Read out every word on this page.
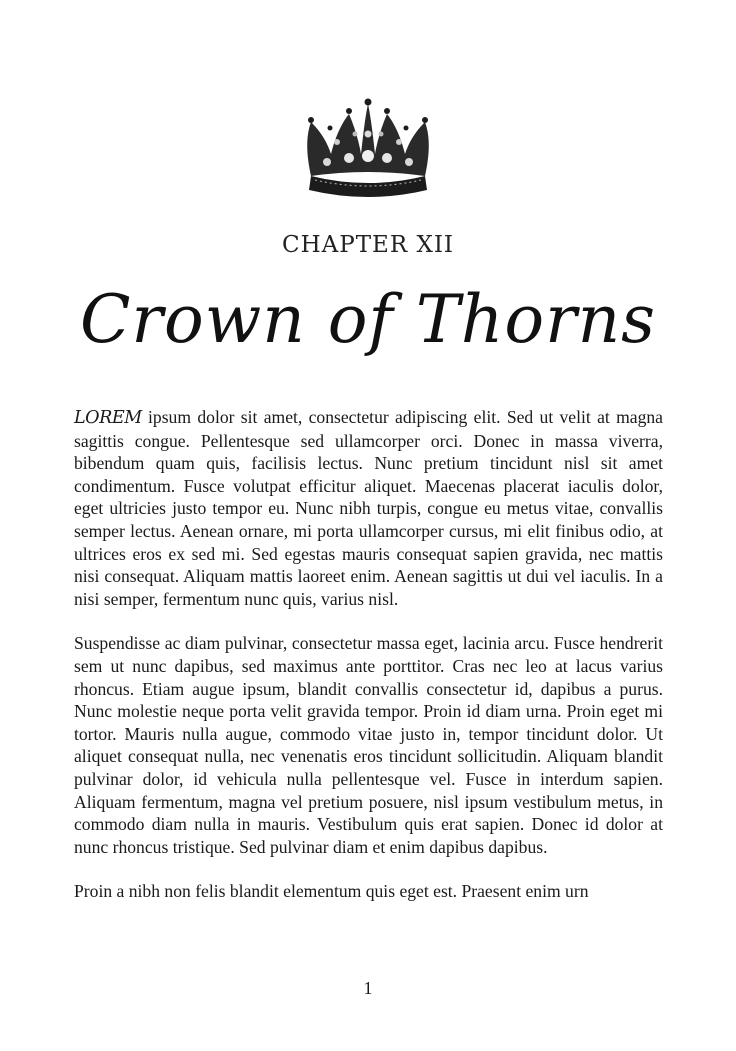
CHAPTER XII
Crown of Thorns

LOREM ipsum dolor sit amet, consectetur adipiscing elit. Sed ut velit at magna sagittis congue. Pellentesque sed ullamcorper orci. Donec in massa viverra, bibendum quam quis, facilisis lectus. Nunc pretium tincidunt nisl sit amet condimentum. Fusce volutpat efficitur aliquet. Maecenas placerat iaculis dolor, eget ultricies justo tempor eu. Nunc nibh turpis, congue eu metus vitae, convallis semper lectus. Aenean ornare, mi porta ullamcorper cursus, mi elit finibus odio, at ultrices eros ex sed mi. Sed egestas mauris consequat sapien gravida, nec mattis nisi consequat. Aliquam mattis laoreet enim. Aenean sagittis ut dui vel iaculis. In a nisi semper, fermentum nunc quis, varius nisl.

Suspendisse ac diam pulvinar, consectetur massa eget, lacinia arcu. Fusce hendrerit sem ut nunc dapibus, sed maximus ante porttitor. Cras nec leo at lacus varius rhoncus. Etiam augue ipsum, blandit convallis consectetur id, dapibus a purus. Nunc molestie neque porta velit gravida tempor. Proin id diam urna. Proin eget mi tortor. Mauris nulla augue, commodo vitae justo in, tempor tincidunt dolor. Ut aliquet consequat nulla, nec venenatis eros tincidunt sollicitudin. Aliquam blandit pulvinar dolor, id vehicula nulla pellentesque vel. Fusce in interdum sapien. Aliquam fermentum, magna vel pretium posuere, nisl ipsum vestibulum metus, in commodo diam nulla in mauris. Vestibulum quis erat sapien. Donec id dolor at nunc rhoncus tristique. Sed pulvinar diam et enim dapibus dapibus.

Proin a nibh non felis blandit elementum quis eget est. Praesent enim urn

1
